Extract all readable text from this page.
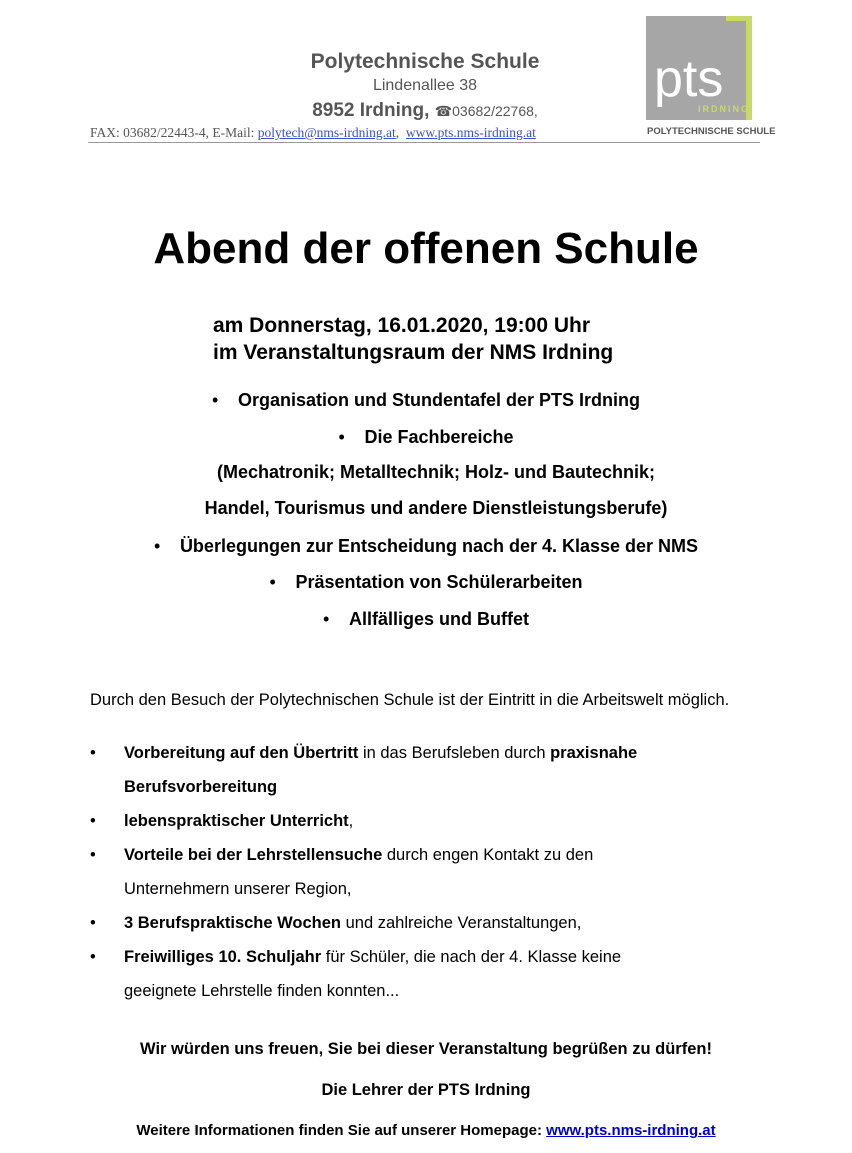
Polytechnische Schule
Lindenallee 38
8952 Irdning, ☎03682/22768,
FAX: 03682/22443-4, E-Mail: polytech@nms-irdning.at,  www.pts.nms-irdning.at
pts
IRDNING
POLYTECHNISCHE SCHULE
Abend der offenen Schule
am Donnerstag, 16.01.2020, 19:00 Uhr
im Veranstaltungsraum der NMS Irdning
• Organisation und Stundentafel der PTS Irdning
• Die Fachbereiche
(Mechatronik; Metalltechnik; Holz- und Bautechnik;
Handel, Tourismus und andere Dienstleistungsberufe)
• Überlegungen zur Entscheidung nach der 4. Klasse der NMS
• Präsentation von Schülerarbeiten
• Allfälliges und Buffet
Durch den Besuch der Polytechnischen Schule ist der Eintritt in die Arbeitswelt möglich.
• Vorbereitung auf den Übertritt in das Berufsleben durch praxisnahe
Berufsvorbereitung
• lebenspraktischer Unterricht,
• Vorteile bei der Lehrstellensuche durch engen Kontakt zu den
Unternehmern unserer Region,
• 3 Berufspraktische Wochen und zahlreiche Veranstaltungen,
• Freiwilliges 10. Schuljahr für Schüler, die nach der 4. Klasse keine
geeignete Lehrstelle finden konnten...
Wir würden uns freuen, Sie bei dieser Veranstaltung begrüßen zu dürfen!
Die Lehrer der PTS Irdning
Weitere Informationen finden Sie auf unserer Homepage: www.pts.nms-irdning.at
